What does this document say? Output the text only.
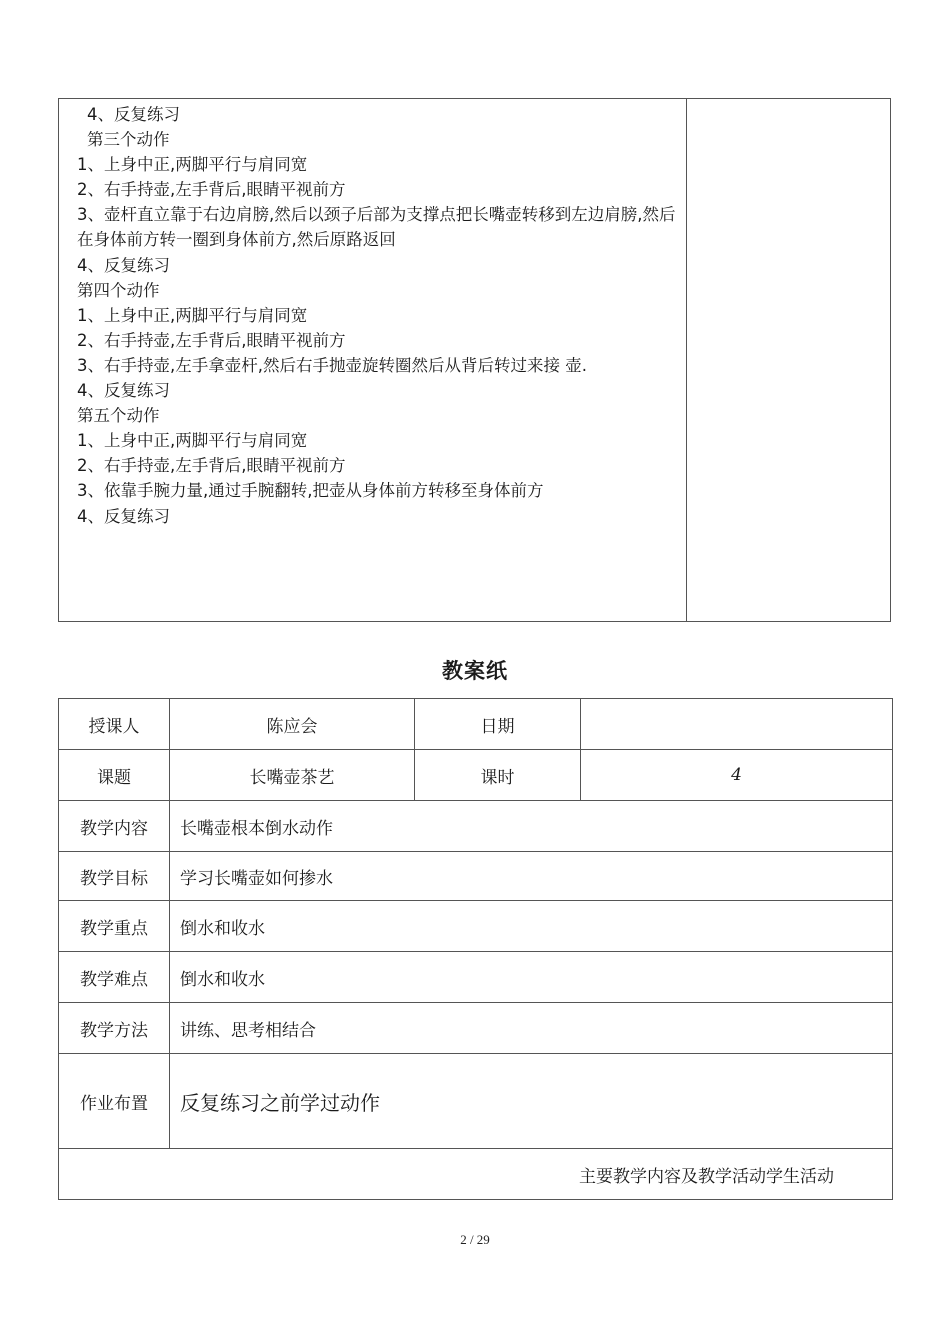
4、反复练习
第三个动作
1、上身中正,两脚平行与肩同宽
2、右手持壶,左手背后,眼睛平视前方
3、壶杆直立靠于右边肩膀,然后以颈子后部为支撑点把长嘴壶转移到左边肩膀,然后在身体前方转一圈到身体前方,然后原路返回
4、反复练习
第四个动作
1、上身中正,两脚平行与肩同宽
2、右手持壶,左手背后,眼睛平视前方
3、右手持壶,左手拿壶杆,然后右手抛壶旋转圈然后从背后转过来接 壶.
4、反复练习
第五个动作
1、上身中正,两脚平行与肩同宽
2、右手持壶,左手背后,眼睛平视前方
3、依靠手腕力量,通过手腕翻转,把壶从身体前方转移至身体前方
4、反复练习
教案纸
授课人	陈应会	日期	
课题	长嘴壶茶艺	课时	4
教学内容	长嘴壶根本倒水动作		
教学目标	学习长嘴壶如何掺水		
教学重点	倒水和收水		
教学难点	倒水和收水		
教学方法	讲练、思考相结合		
作业布置	反复练习之前学过动作		
主要教学内容及教学活动学生活动			
2 / 29
